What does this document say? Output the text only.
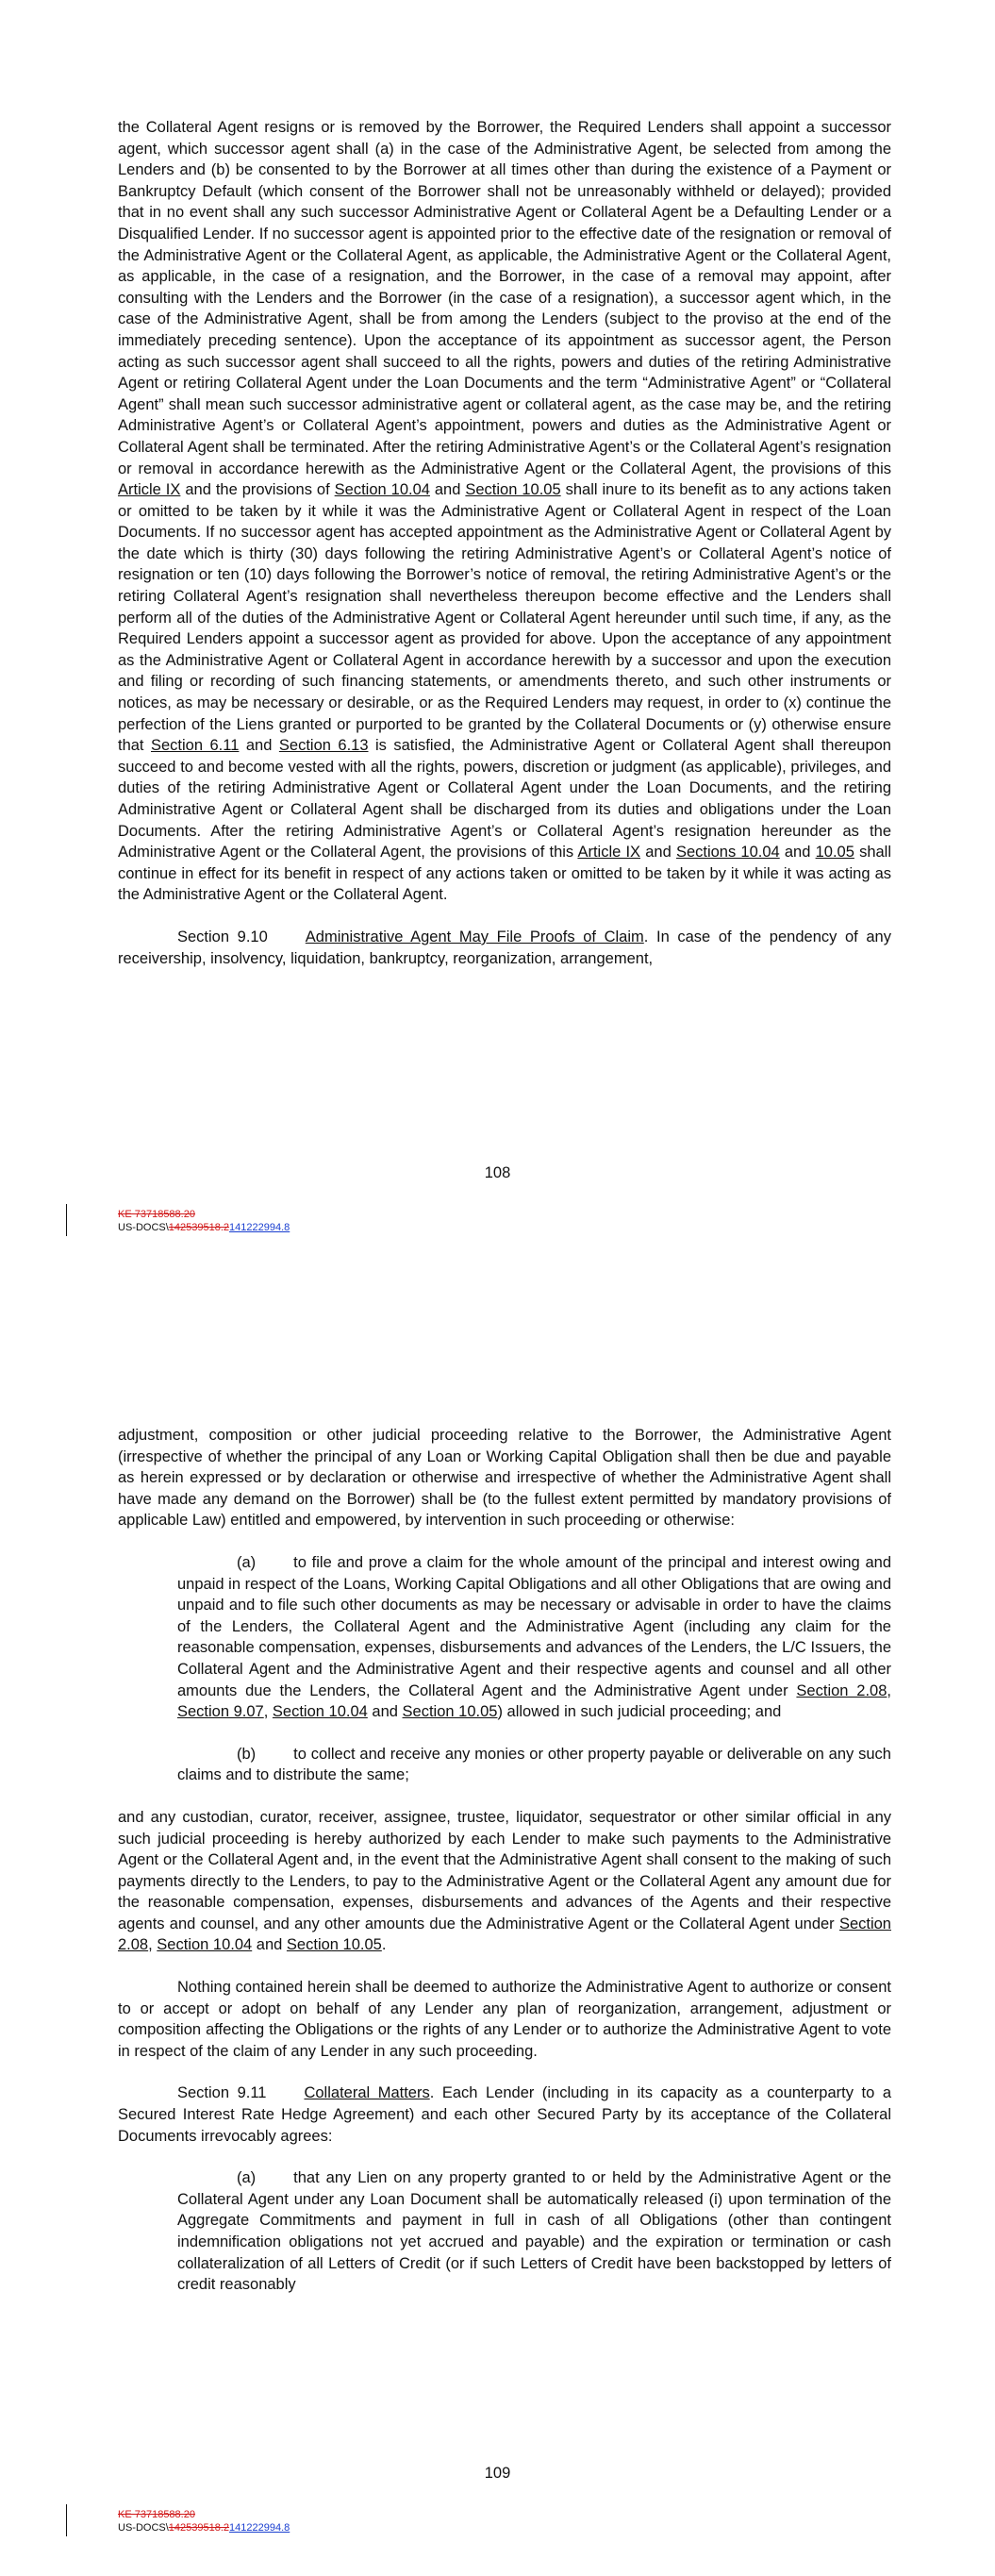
the Collateral Agent resigns or is removed by the Borrower, the Required Lenders shall appoint a successor agent, which successor agent shall (a) in the case of the Administrative Agent, be selected from among the Lenders and (b) be consented to by the Borrower at all times other than during the existence of a Payment or Bankruptcy Default (which consent of the Borrower shall not be unreasonably withheld or delayed); provided that in no event shall any such successor Administrative Agent or Collateral Agent be a Defaulting Lender or a Disqualified Lender. If no successor agent is appointed prior to the effective date of the resignation or removal of the Administrative Agent or the Collateral Agent, as applicable, the Administrative Agent or the Collateral Agent, as applicable, in the case of a resignation, and the Borrower, in the case of a removal may appoint, after consulting with the Lenders and the Borrower (in the case of a resignation), a successor agent which, in the case of the Administrative Agent, shall be from among the Lenders (subject to the proviso at the end of the immediately preceding sentence). Upon the acceptance of its appointment as successor agent, the Person acting as such successor agent shall succeed to all the rights, powers and duties of the retiring Administrative Agent or retiring Collateral Agent under the Loan Documents and the term “Administrative Agent” or “Collateral Agent” shall mean such successor administrative agent or collateral agent, as the case may be, and the retiring Administrative Agent’s or Collateral Agent’s appointment, powers and duties as the Administrative Agent or Collateral Agent shall be terminated. After the retiring Administrative Agent’s or the Collateral Agent’s resignation or removal in accordance herewith as the Administrative Agent or the Collateral Agent, the provisions of this Article IX and the provisions of Section 10.04 and Section 10.05 shall inure to its benefit as to any actions taken or omitted to be taken by it while it was the Administrative Agent or Collateral Agent in respect of the Loan Documents. If no successor agent has accepted appointment as the Administrative Agent or Collateral Agent by the date which is thirty (30) days following the retiring Administrative Agent’s or Collateral Agent’s notice of resignation or ten (10) days following the Borrower’s notice of removal, the retiring Administrative Agent’s or the retiring Collateral Agent’s resignation shall nevertheless thereupon become effective and the Lenders shall perform all of the duties of the Administrative Agent or Collateral Agent hereunder until such time, if any, as the Required Lenders appoint a successor agent as provided for above. Upon the acceptance of any appointment as the Administrative Agent or Collateral Agent in accordance herewith by a successor and upon the execution and filing or recording of such financing statements, or amendments thereto, and such other instruments or notices, as may be necessary or desirable, or as the Required Lenders may request, in order to (x) continue the perfection of the Liens granted or purported to be granted by the Collateral Documents or (y) otherwise ensure that Section 6.11 and Section 6.13 is satisfied, the Administrative Agent or Collateral Agent shall thereupon succeed to and become vested with all the rights, powers, discretion or judgment (as applicable), privileges, and duties of the retiring Administrative Agent or Collateral Agent under the Loan Documents, and the retiring Administrative Agent or Collateral Agent shall be discharged from its duties and obligations under the Loan Documents. After the retiring Administrative Agent’s or Collateral Agent’s resignation hereunder as the Administrative Agent or the Collateral Agent, the provisions of this Article IX and Sections 10.04 and 10.05 shall continue in effect for its benefit in respect of any actions taken or omitted to be taken by it while it was acting as the Administrative Agent or the Collateral Agent.

Section 9.10 Administrative Agent May File Proofs of Claim. In case of the pendency of any receivership, insolvency, liquidation, bankruptcy, reorganization, arrangement,

108
KE 73718588.20
US-DOCS\142539518.2141222994.8

adjustment, composition or other judicial proceeding relative to the Borrower, the Administrative Agent (irrespective of whether the principal of any Loan or Working Capital Obligation shall then be due and payable as herein expressed or by declaration or otherwise and irrespective of whether the Administrative Agent shall have made any demand on the Borrower) shall be (to the fullest extent permitted by mandatory provisions of applicable Law) entitled and empowered, by intervention in such proceeding or otherwise:

(a) to file and prove a claim for the whole amount of the principal and interest owing and unpaid in respect of the Loans, Working Capital Obligations and all other Obligations that are owing and unpaid and to file such other documents as may be necessary or advisable in order to have the claims of the Lenders, the Collateral Agent and the Administrative Agent (including any claim for the reasonable compensation, expenses, disbursements and advances of the Lenders, the L/C Issuers, the Collateral Agent and the Administrative Agent and their respective agents and counsel and all other amounts due the Lenders, the Collateral Agent and the Administrative Agent under Section 2.08, Section 9.07, Section 10.04 and Section 10.05) allowed in such judicial proceeding; and

(b) to collect and receive any monies or other property payable or deliverable on any such claims and to distribute the same;

and any custodian, curator, receiver, assignee, trustee, liquidator, sequestrator or other similar official in any such judicial proceeding is hereby authorized by each Lender to make such payments to the Administrative Agent or the Collateral Agent and, in the event that the Administrative Agent shall consent to the making of such payments directly to the Lenders, to pay to the Administrative Agent or the Collateral Agent any amount due for the reasonable compensation, expenses, disbursements and advances of the Agents and their respective agents and counsel, and any other amounts due the Administrative Agent or the Collateral Agent under Section 2.08, Section 10.04 and Section 10.05.

Nothing contained herein shall be deemed to authorize the Administrative Agent to authorize or consent to or accept or adopt on behalf of any Lender any plan of reorganization, arrangement, adjustment or composition affecting the Obligations or the rights of any Lender or to authorize the Administrative Agent to vote in respect of the claim of any Lender in any such proceeding.

Section 9.11 Collateral Matters. Each Lender (including in its capacity as a counterparty to a Secured Interest Rate Hedge Agreement) and each other Secured Party by its acceptance of the Collateral Documents irrevocably agrees:

(a) that any Lien on any property granted to or held by the Administrative Agent or the Collateral Agent under any Loan Document shall be automatically released (i) upon termination of the Aggregate Commitments and payment in full in cash of all Obligations (other than contingent indemnification obligations not yet accrued and payable) and the expiration or termination or cash collateralization of all Letters of Credit (or if such Letters of Credit have been backstopped by letters of credit reasonably

109
KE 73718588.20
US-DOCS\142539518.2141222994.8
